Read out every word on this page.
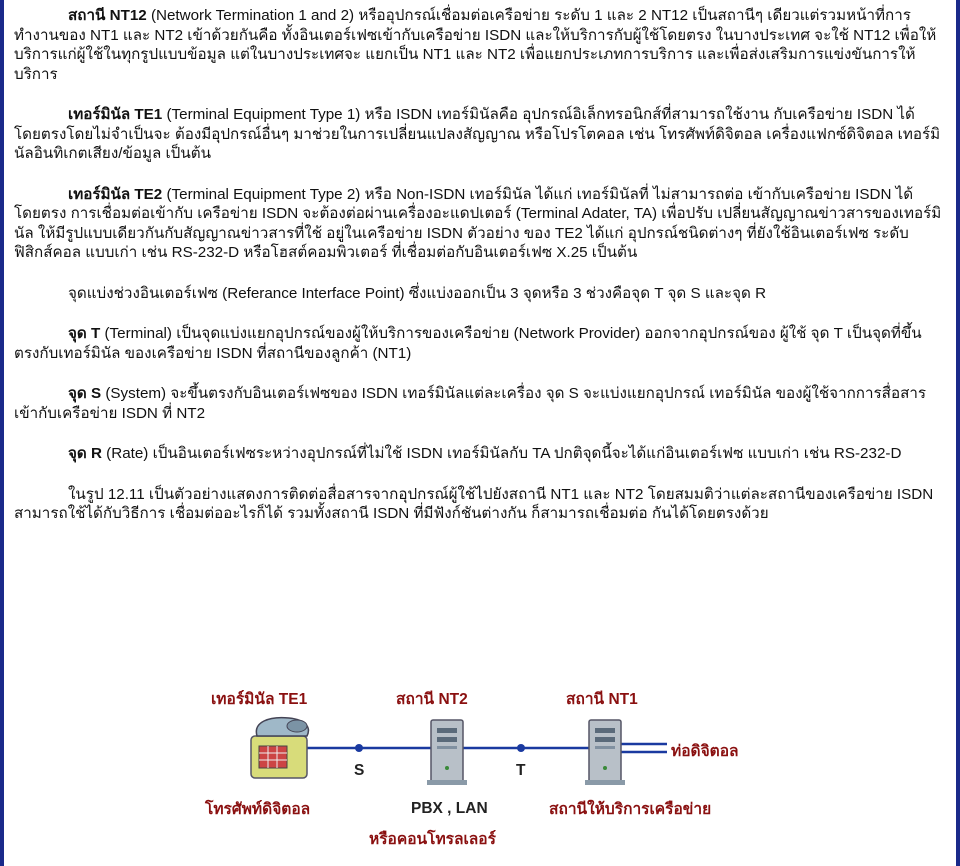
สถานี NT12 (Network Termination 1 and 2) หรืออุปกรณ์เชื่อมต่อเครือข่าย ระดับ 1 และ 2 NT12 เป็นสถานีๆ เดียวแต่รวมหน้าที่การทำงานของ NT1 และ NT2 เข้าด้วยกันคือ ทั้งอินเตอร์เฟซเข้ากับเครือข่าย ISDN และให้บริการกับผู้ใช้โดยตรง ในบางประเทศ จะใช้ NT12 เพื่อให้บริการแก่ผู้ใช้ในทุกรูปแบบข้อมูล แต่ในบางประเทศจะ แยกเป็น NT1 และ NT2 เพื่อแยกประเภทการบริการ และเพื่อส่งเสริมการแข่งขันการให้บริการ

เทอร์มินัล TE1 (Terminal Equipment Type 1) หรือ ISDN เทอร์มินัลคือ อุปกรณ์อิเล็กทรอนิกส์ที่สามารถใช้งาน กับเครือข่าย ISDN ได้โดยตรงโดยไม่จำเป็นจะ ต้องมีอุปกรณ์อื่นๆ มาช่วยในการเปลี่ยนแปลงสัญญาณ หรือโปรโตคอล เช่น โทรศัพท์ดิจิตอล เครื่องแฟกซ์ดิจิตอล เทอร์มินัลอินทิเกตเสียง/ข้อมูล เป็นต้น

เทอร์มินัล TE2 (Terminal Equipment Type 2) หรือ Non-ISDN เทอร์มินัล ได้แก่ เทอร์มินัลที่ ไม่สามารถต่อ เข้ากับเครือข่าย ISDN ได้โดยตรง การเชื่อมต่อเข้ากับ เครือข่าย ISDN จะต้องต่อผ่านเครื่องอะแดปเตอร์ (Terminal Adater, TA) เพื่อปรับ เปลี่ยนสัญญาณข่าวสารของเทอร์มินัล ให้มีรูปแบบเดียวกันกับสัญญาณข่าวสารที่ใช้ อยู่ในเครือข่าย ISDN ตัวอย่าง ของ TE2 ได้แก่ อุปกรณ์ชนิดต่างๆ ที่ยังใช้อินเตอร์เฟซ ระดับ ฟิสิกส์คอล แบบเก่า เช่น RS-232-D หรือโฮสต์คอมพิวเตอร์ ที่เชื่อมต่อกับอินเตอร์เฟซ X.25 เป็นต้น

จุดแบ่งช่วงอินเตอร์เฟซ (Referance Interface Point) ซึ่งแบ่งออกเป็น 3 จุดหรือ 3 ช่วงคือจุด T จุด S และจุด R

จุด T (Terminal) เป็นจุดแบ่งแยกอุปกรณ์ของผู้ให้บริการของเครือข่าย (Network Provider) ออกจากอุปกรณ์ของ ผู้ใช้ จุด T เป็นจุดที่ขึ้นตรงกับเทอร์มินัล ของเครือข่าย ISDN ที่สถานีของลูกค้า (NT1)

จุด S (System) จะขึ้นตรงกับอินเตอร์เฟซของ ISDN เทอร์มินัลแต่ละเครื่อง จุด S จะแบ่งแยกอุปกรณ์ เทอร์มินัล ของผู้ใช้จากการสื่อสารเข้ากับเครือข่าย ISDN ที่ NT2

จุด R (Rate) เป็นอินเตอร์เฟซระหว่างอุปกรณ์ที่ไม่ใช้ ISDN เทอร์มินัลกับ TA ปกติจุดนี้จะได้แก่อินเตอร์เฟซ แบบเก่า เช่น RS-232-D

ในรูป 12.11 เป็นตัวอย่างแสดงการติดต่อสื่อสารจากอุปกรณ์ผู้ใช้ไปยังสถานี NT1 และ NT2 โดยสมมติว่าแต่ละสถานีของเครือข่าย ISDN สามารถใช้ได้กับวิธีการ เชื่อมต่ออะไรก็ได้ รวมทั้งสถานี ISDN ที่มีฟังก์ชันต่างกัน ก็สามารถเชื่อมต่อ กันได้โดยตรงด้วย

เทอร์มินัล TE1	สถานี NT2	สถานี NT1
S	T
ท่อดิจิตอล
โทรศัพท์ดิจิตอล	PBX , LAN
หรือคอนโทรลเลอร์
สถานีให้บริการเครือข่าย
